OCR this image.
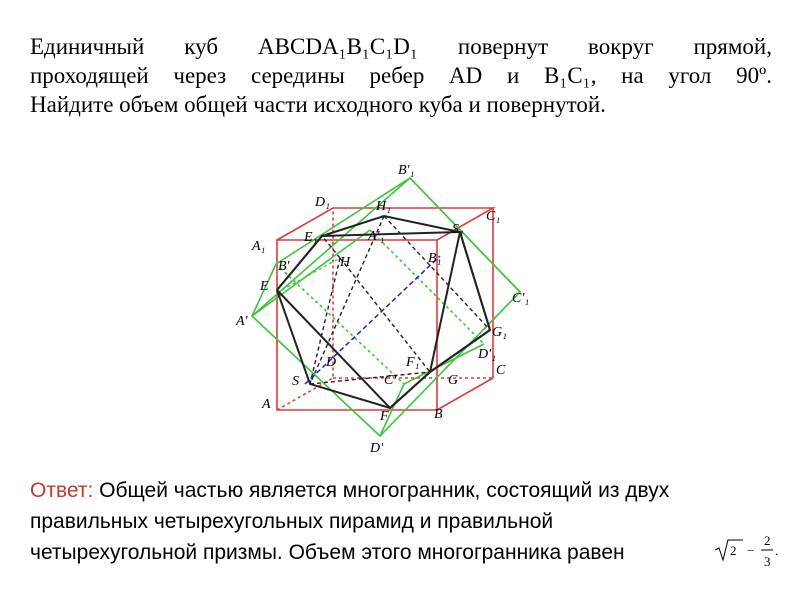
Единичный куб ABCDA₁B₁C₁D₁ повернут вокруг прямой,
проходящей через середины ребер AD и B₁C₁, на угол 90º.
Найдите объем общей части исходного куба и повернутой.
B'₁
D₁	H₁
C₁
A₁
E₁	A'₁	S₁
H	B₁
B'
E
C'₁
A'
G₁
D
D'₁
F₁
S	C'	G
C
A
F	B
D'
Ответ: Общей частью является многогранник, состоящий из двух
правильных четырехугольных пирамид и правильной
четырехугольной призмы. Объем этого многогранника равен	2 −
2
3
.
